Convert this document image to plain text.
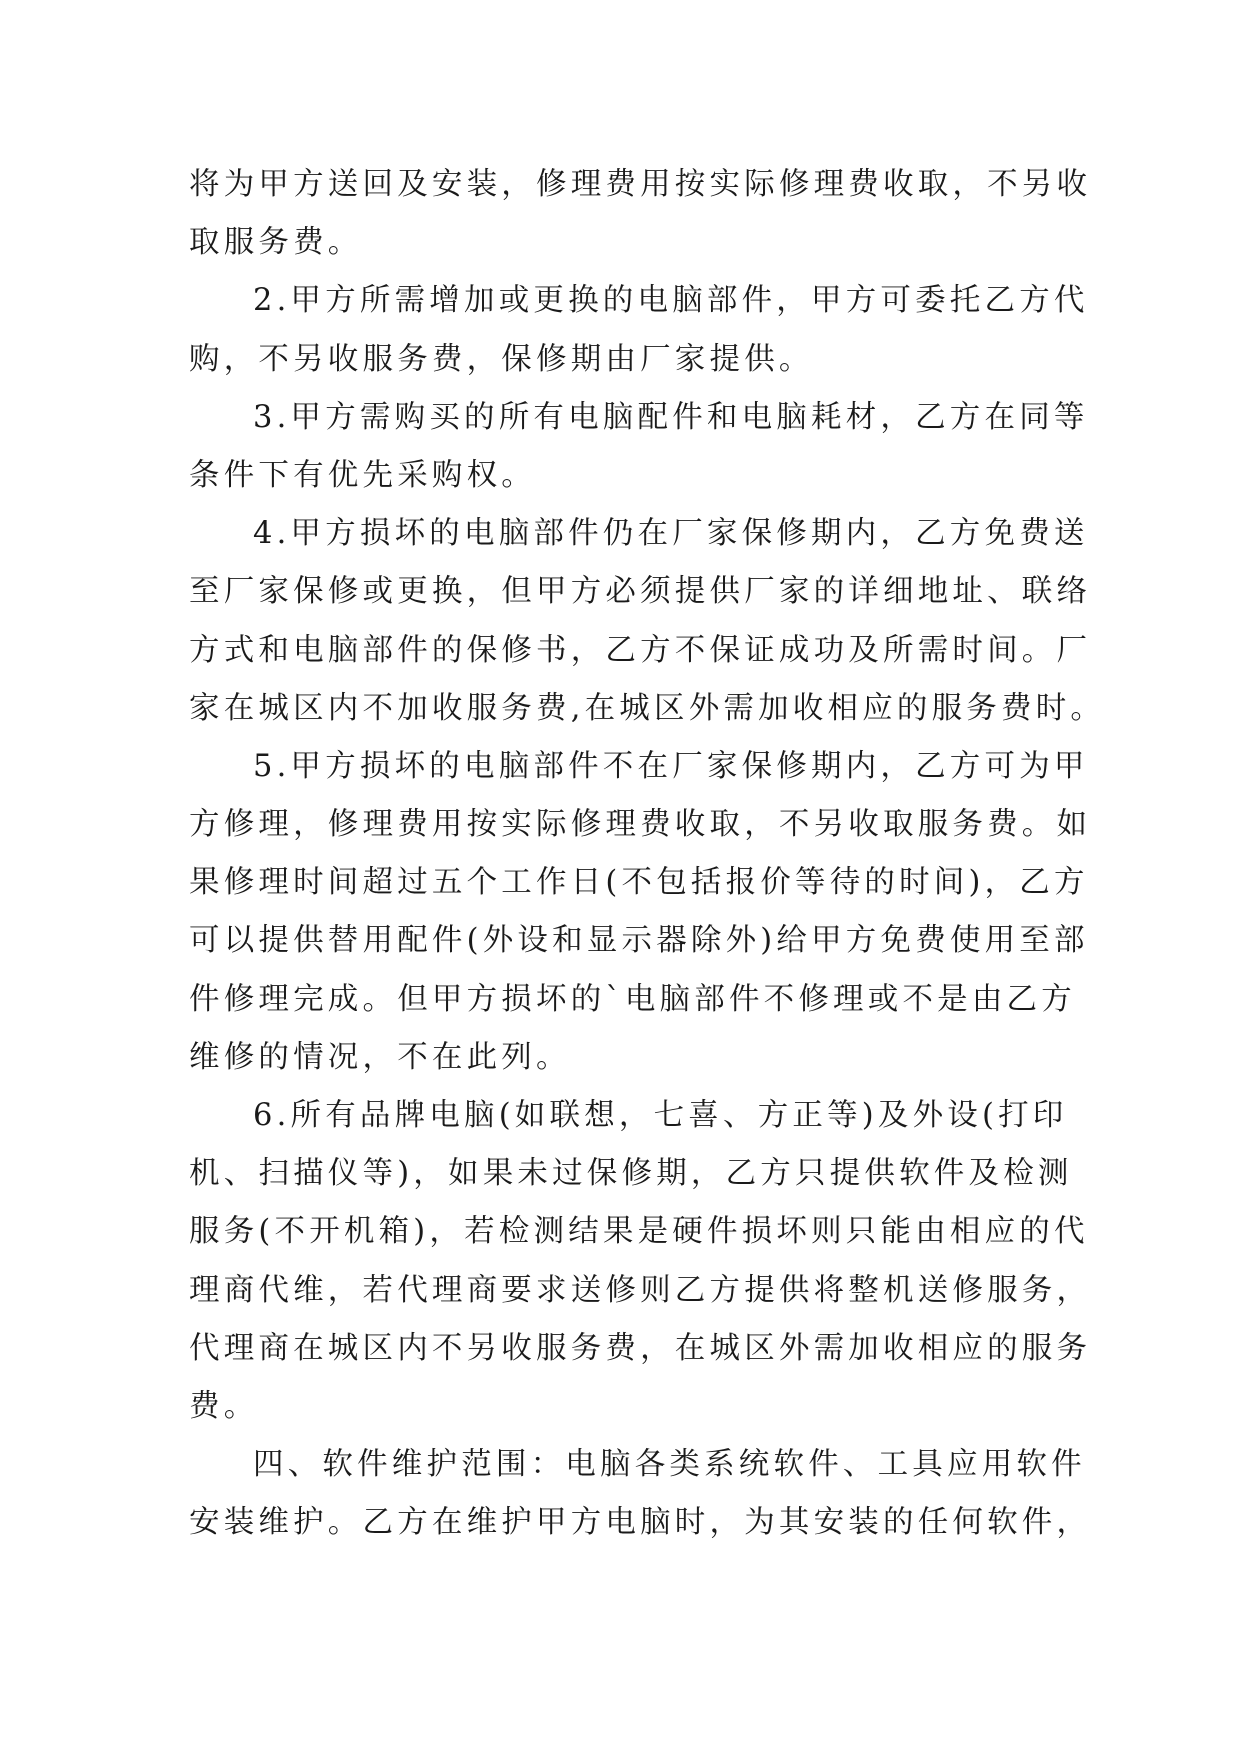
将为甲方送回及安装，修理费用按实际修理费收取，不另收
取服务费。
2.甲方所需增加或更换的电脑部件，甲方可委托乙方代
购，不另收服务费，保修期由厂家提供。
3.甲方需购买的所有电脑配件和电脑耗材，乙方在同等
条件下有优先采购权。
4.甲方损坏的电脑部件仍在厂家保修期内，乙方免费送
至厂家保修或更换，但甲方必须提供厂家的详细地址、联络
方式和电脑部件的保修书，乙方不保证成功及所需时间。厂
家在城区内不加收服务费,在城区外需加收相应的服务费时。
5.甲方损坏的电脑部件不在厂家保修期内，乙方可为甲
方修理，修理费用按实际修理费收取，不另收取服务费。如
果修理时间超过五个工作日(不包括报价等待的时间)，乙方
可以提供替用配件(外设和显示器除外)给甲方免费使用至部
件修理完成。但甲方损坏的`电脑部件不修理或不是由乙方
维修的情况，不在此列。
6.所有品牌电脑(如联想，七喜、方正等)及外设(打印
机、扫描仪等)，如果未过保修期，乙方只提供软件及检测
服务(不开机箱)，若检测结果是硬件损坏则只能由相应的代
理商代维，若代理商要求送修则乙方提供将整机送修服务，
代理商在城区内不另收服务费，在城区外需加收相应的服务
费。
四、软件维护范围：电脑各类系统软件、工具应用软件
安装维护。乙方在维护甲方电脑时，为其安装的任何软件，
